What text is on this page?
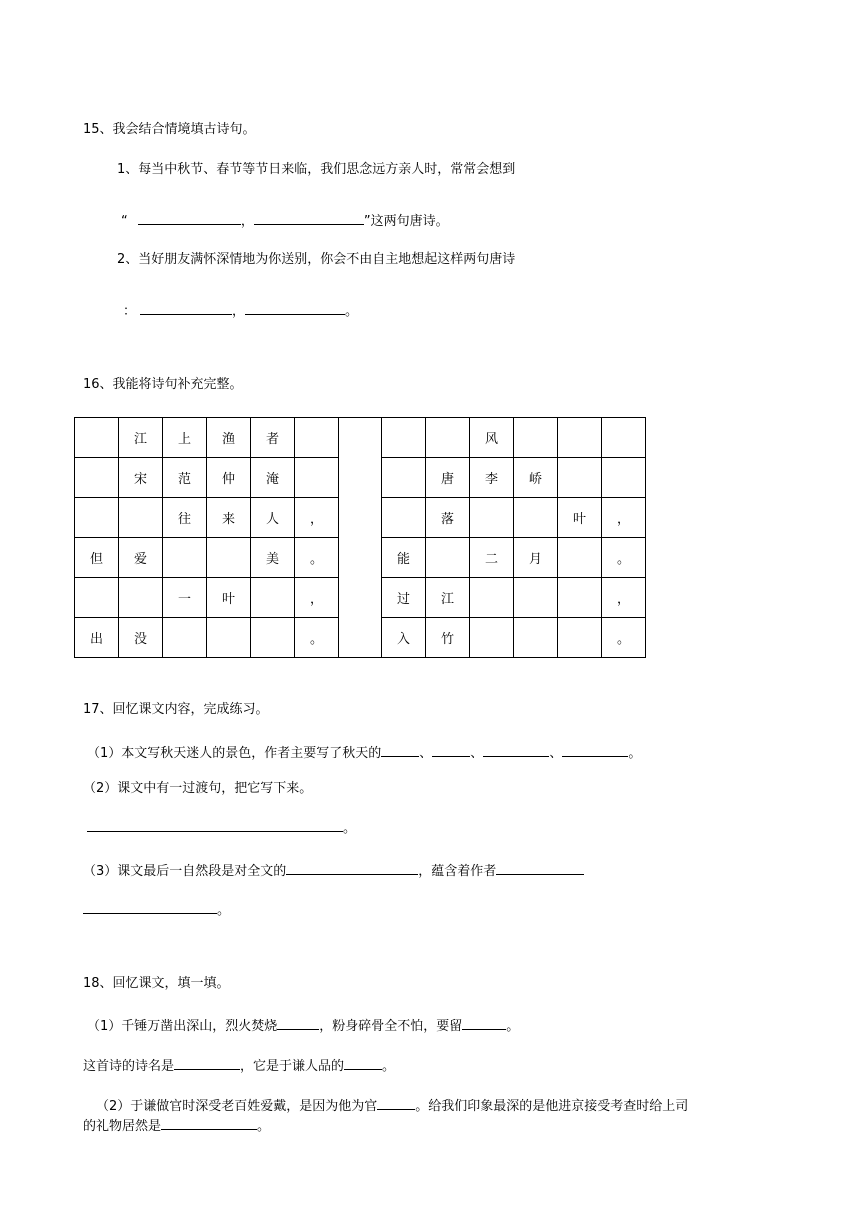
15、我会结合情境填古诗句。
1、每当中秋节、春节等节日来临，我们思念远方亲人时，常常会想到
“	，	”这两句唐诗。
2、当好朋友满怀深情地为你送别，你会不由自主地想起这样两句唐诗
：	，	。
16、我能将诗句补充完整。
	江	上	渔	者					风			
	宋	范	仲	淹				唐	李	峤		
		往	来	人	，			落			叶	，
但	爱			美	。		能		二	月		。
		一	叶		，		过	江				，
出	没				。		入	竹				。
17、回忆课文内容，完成练习。
（1）本文写秋天迷人的景色，作者主要写了秋天的	、	、	、	。
（2）课文中有一过渡句，把它写下来。
。
（3）课文最后一自然段是对全文的	，蕴含着作者
。
18、回忆课文，填一填。
（1）千锤万凿出深山，烈火焚烧	，粉身碎骨全不怕，要留	。
这首诗的诗名是	，它是于谦人品的	。
（2）于谦做官时深受老百姓爱戴，是因为他为官	。给我们印象最深的是他进京接受考查时给上司
的礼物居然是	。
